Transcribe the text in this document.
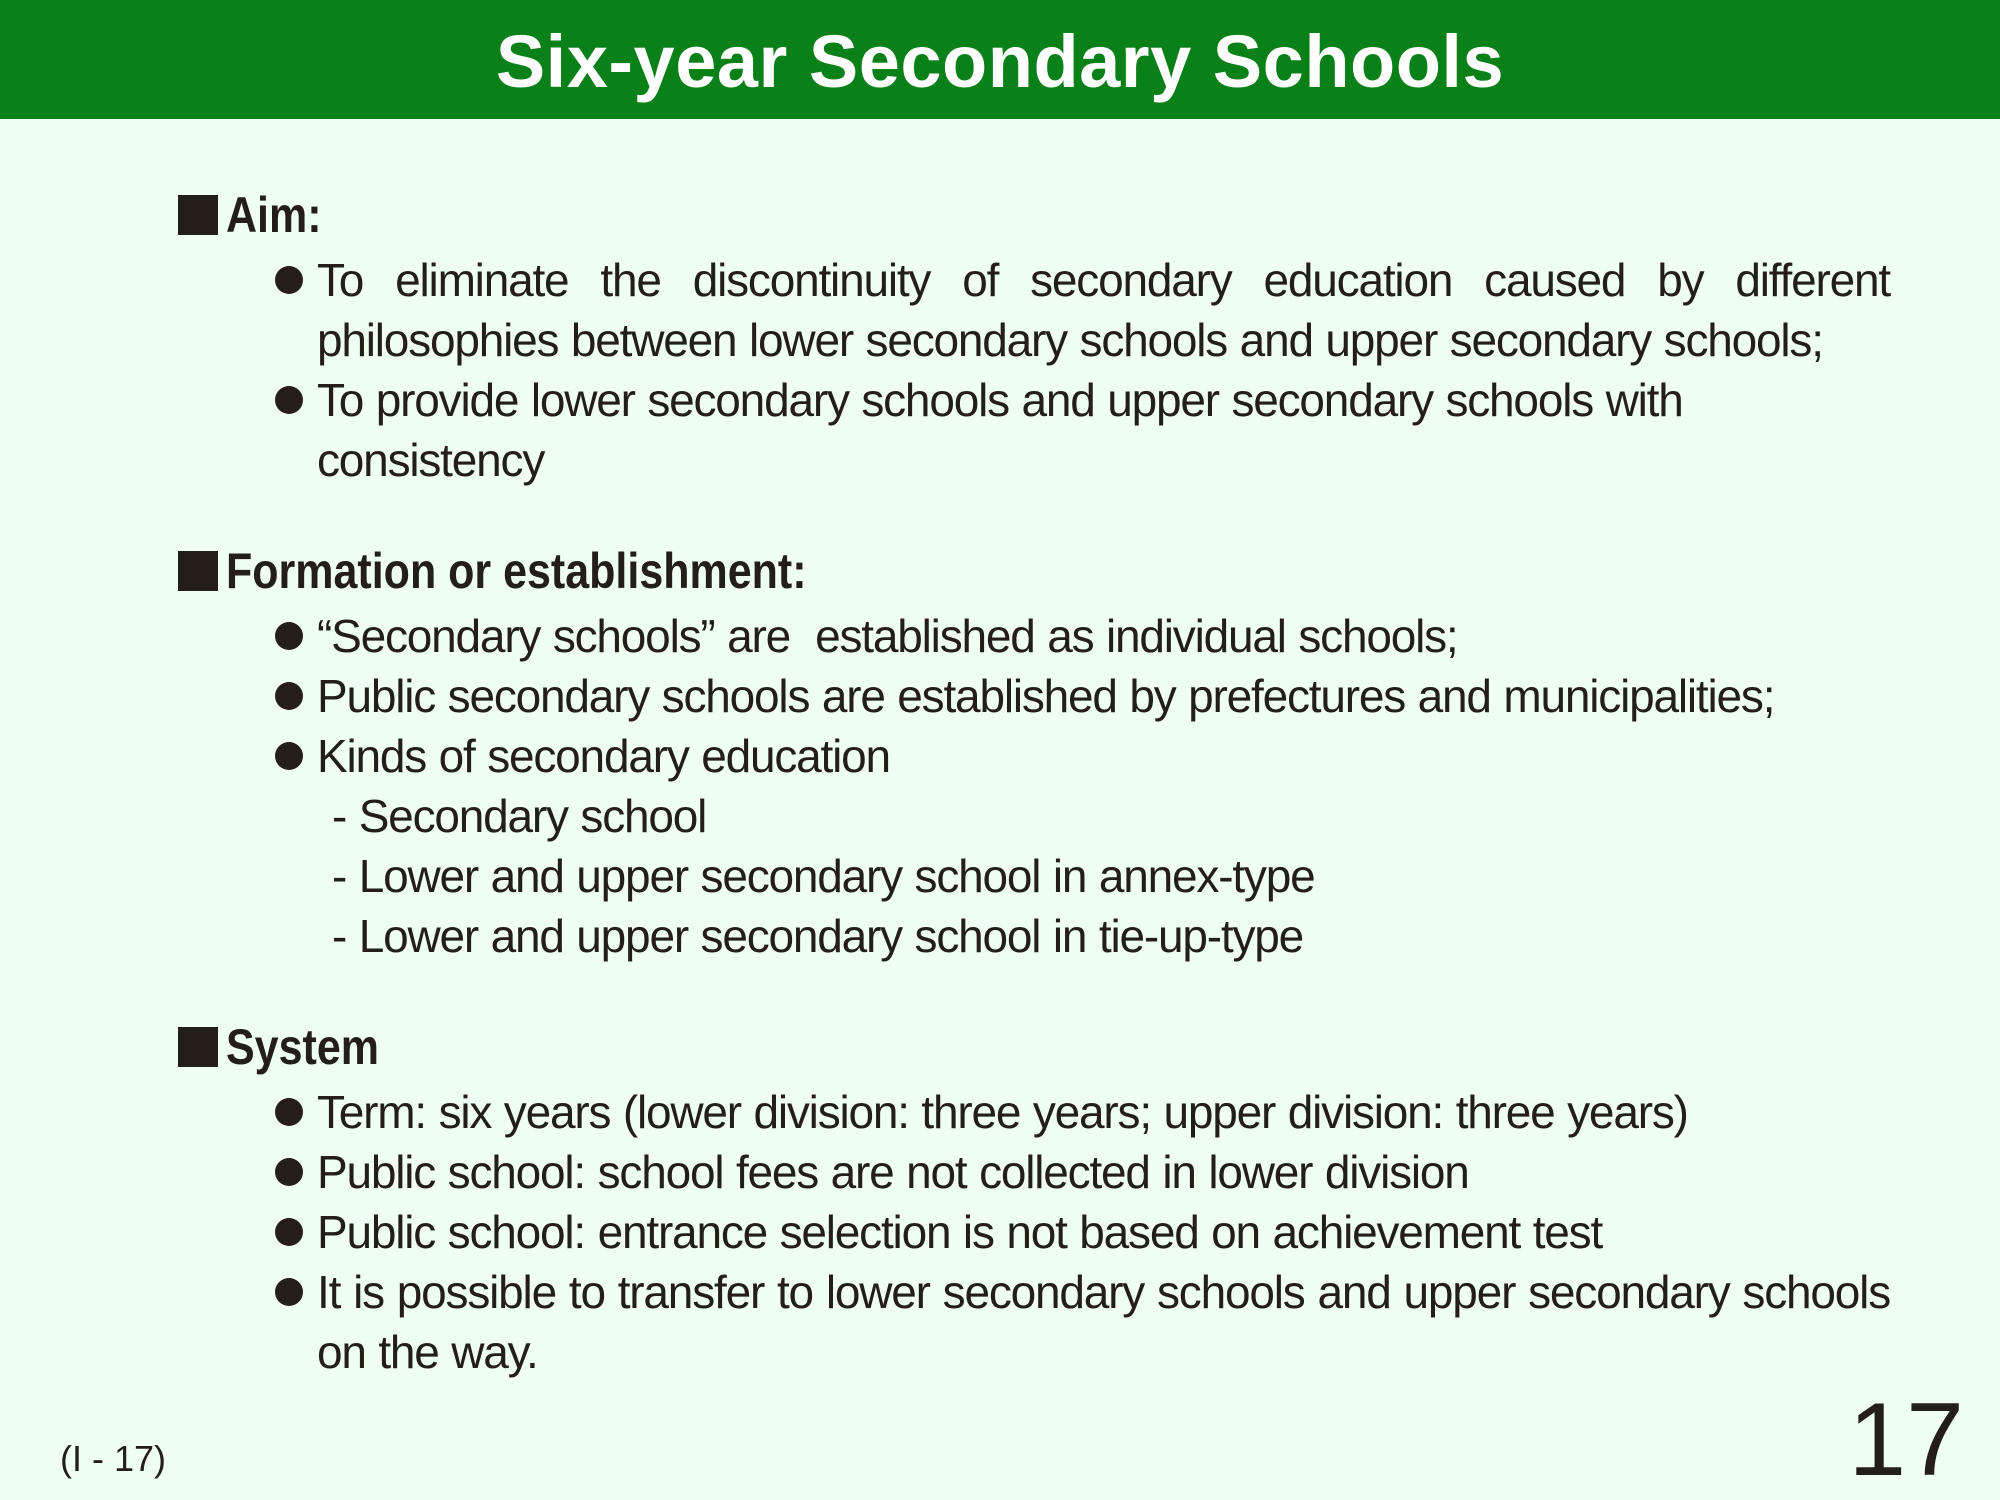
Six-year Secondary Schools
Aim:
To eliminate the discontinuity of secondary education caused by different philosophies between lower secondary schools and upper secondary schools;
To provide lower secondary schools and upper secondary schools with consistency
Formation or establishment:
“Secondary schools” are  established as individual schools;
Public secondary schools are established by prefectures and municipalities;
Kinds of secondary education
- Secondary school
- Lower and upper secondary school in annex-type
- Lower and upper secondary school in tie-up-type
System
Term: six years (lower division: three years; upper division: three years)
Public school: school fees are not collected in lower division
Public school: entrance selection is not based on achievement test
It is possible to transfer to lower secondary schools and upper secondary schools on the way.
(I - 17)	17
